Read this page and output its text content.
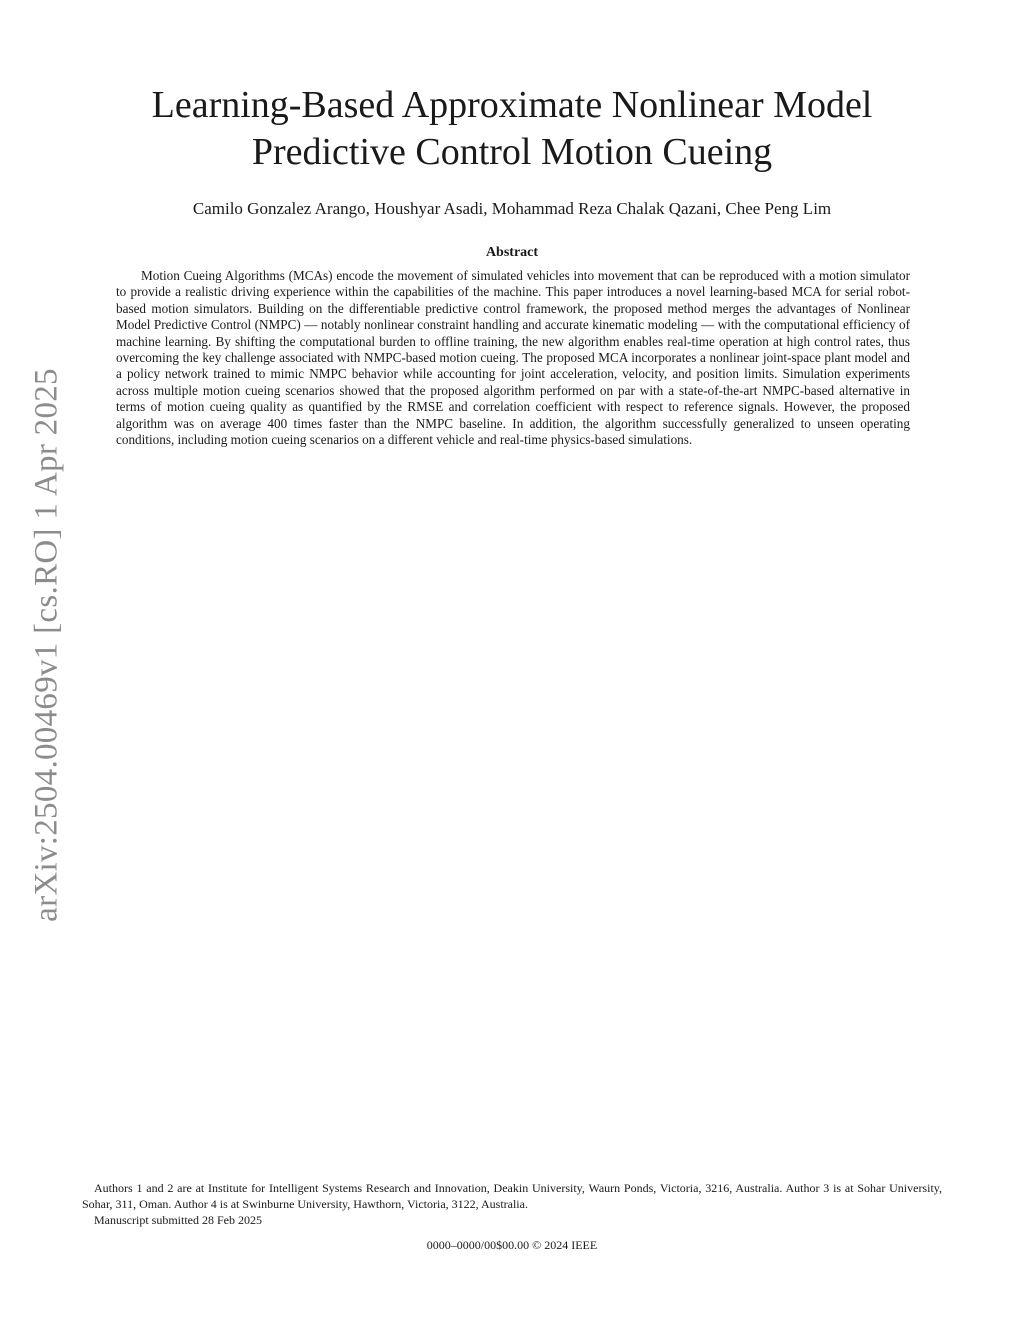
arXiv:2504.00469v1 [cs.RO] 1 Apr 2025
Learning-Based Approximate Nonlinear Model
Predictive Control Motion Cueing
Camilo Gonzalez Arango, Houshyar Asadi, Mohammad Reza Chalak Qazani, Chee Peng Lim
Abstract

Motion Cueing Algorithms (MCAs) encode the movement of simulated vehicles into movement that can be reproduced with a motion simulator to provide a realistic driving experience within the capabilities of the machine. This paper introduces a novel learning-based MCA for serial robot-based motion simulators. Building on the differentiable predictive control framework, the proposed method merges the advantages of Nonlinear Model Predictive Control (NMPC) — notably nonlinear constraint handling and accurate kinematic modeling — with the computational efficiency of machine learning. By shifting the computational burden to offline training, the new algorithm enables real-time operation at high control rates, thus overcoming the key challenge associated with NMPC-based motion cueing. The proposed MCA incorporates a nonlinear joint-space plant model and a policy network trained to mimic NMPC behavior while accounting for joint acceleration, velocity, and position limits. Simulation experiments across multiple motion cueing scenarios showed that the proposed algorithm performed on par with a state-of-the-art NMPC-based alternative in terms of motion cueing quality as quantified by the RMSE and correlation coefficient with respect to reference signals. However, the proposed algorithm was on average 400 times faster than the NMPC baseline. In addition, the algorithm successfully generalized to unseen operating conditions, including motion cueing scenarios on a different vehicle and real-time physics-based simulations.

Authors 1 and 2 are at Institute for Intelligent Systems Research and Innovation, Deakin University, Waurn Ponds, Victoria, 3216, Australia. Author 3 is at Sohar University, Sohar, 311, Oman. Author 4 is at Swinburne University, Hawthorn, Victoria, 3122, Australia.

Manuscript submitted 28 Feb 2025

0000–0000/00$00.00 © 2024 IEEE
